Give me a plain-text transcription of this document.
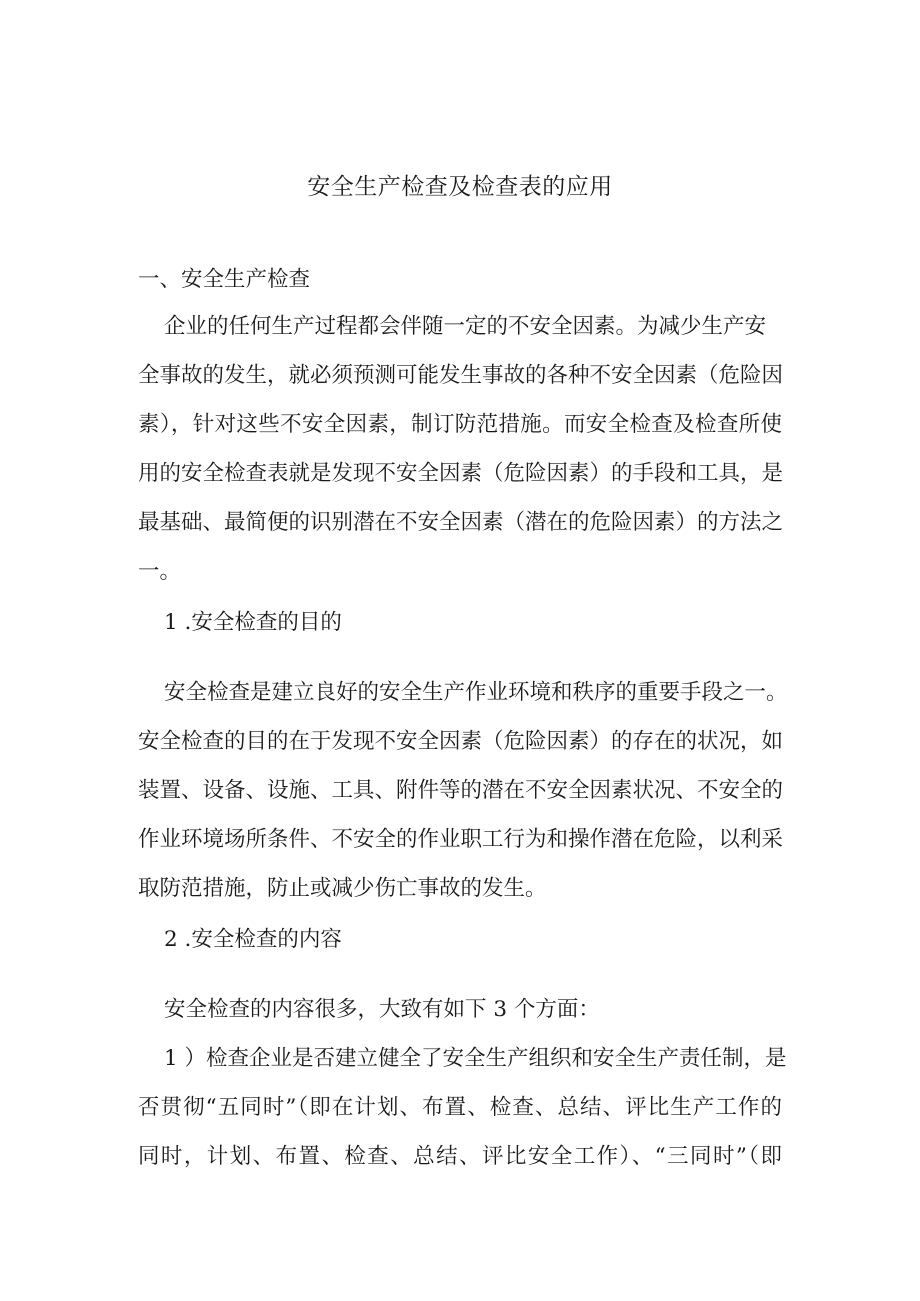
安全生产检查及检查表的应用

一、安全生产检查

企业的任何生产过程都会伴随一定的不安全因素。为减少生产安

全事故的发生，就必须预测可能发生事故的各种不安全因素（危险因

素），针对这些不安全因素，制订防范措施。而安全检查及检查所使

用的安全检查表就是发现不安全因素（危险因素）的手段和工具，是

最基础、最简便的识别潜在不安全因素（潜在的危险因素）的方法之

一。

1 .安全检查的目的

安全检查是建立良好的安全生产作业环境和秩序的重要手段之一。

安全检查的目的在于发现不安全因素（危险因素）的存在的状况，如

装置、设备、设施、工具、附件等的潜在不安全因素状况、不安全的

作业环境场所条件、不安全的作业职工行为和操作潜在危险，以利采

取防范措施，防止或减少伤亡事故的发生。

2 .安全检查的内容

安全检查的内容很多，大致有如下 3 个方面：

1 ）检查企业是否建立健全了安全生产组织和安全生产责任制，是

否贯彻“五同时”（即在计划、布置、检查、总结、评比生产工作的

同时，计划、布置、检查、总结、评比安全工作）、“三同时”（即
